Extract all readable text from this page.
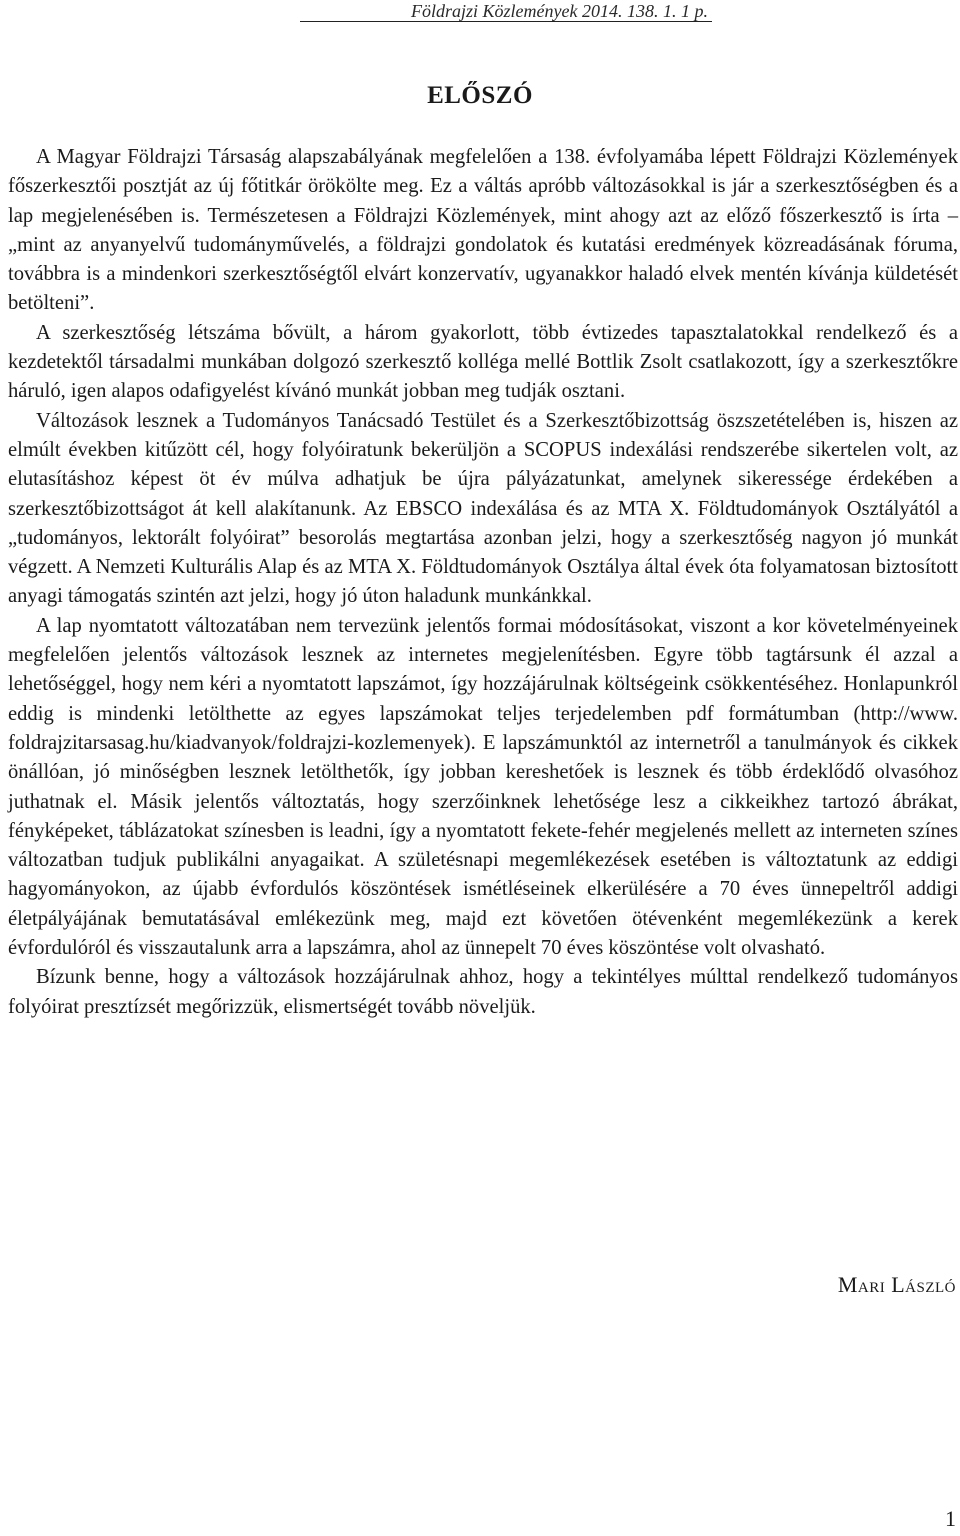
Földrajzi Közlemények 2014. 138. 1. 1 p.
ELŐSZÓ

A Magyar Földrajzi Társaság alapszabályának megfelelően a 138. évfolyamába lépett Földrajzi Közlemények főszerkesztői posztját az új főtitkár örökölte meg. Ez a váltás apróbb változásokkal is jár a szerkesztőségben és a lap megjelenésében is. Természetesen a Földrajzi Közlemények, mint ahogy azt az előző főszerkesztő is írta – „mint az anyanyelvű tudományművelés, a földrajzi gondolatok és kutatási eredmények közreadásának fóruma, továbbra is a mindenkori szerkesztőségtől elvárt konzervatív, ugyanakkor haladó elvek mentén kívánja küldetését betölteni”.

A szerkesztőség létszáma bővült, a három gyakorlott, több évtizedes tapasztalatokkal rendelkező és a kezdetektől társadalmi munkában dolgozó szerkesztő kolléga mellé Bottlik Zsolt csatlakozott, így a szerkesztőkre háruló, igen alapos odafigyelést kívánó munkát jobban meg tudják osztani.

Változások lesznek a Tudományos Tanácsadó Testület és a Szerkesztőbizottság öszszetételében is, hiszen az elmúlt években kitűzött cél, hogy folyóiratunk bekerüljön a SCOPUS indexálási rendszerébe sikertelen volt, az elutasításhoz képest öt év múlva adhatjuk be újra pályázatunkat, amelynek sikeressége érdekében a szerkesztőbizottságot át kell alakítanunk. Az EBSCO indexálása és az MTA X. Földtudományok Osztályától a „tudományos, lektorált folyóirat” besorolás megtartása azonban jelzi, hogy a szerkesztőség nagyon jó munkát végzett. A Nemzeti Kulturális Alap és az MTA X. Földtudományok Osztálya által évek óta folyamatosan biztosított anyagi támogatás szintén azt jelzi, hogy jó úton haladunk munkánkkal.

A lap nyomtatott változatában nem tervezünk jelentős formai módosításokat, viszont a kor követelményeinek megfelelően jelentős változások lesznek az internetes megjelenítésben. Egyre több tagtársunk él azzal a lehetőséggel, hogy nem kéri a nyomtatott lapszámot, így hozzájárulnak költségeink csökkentéséhez. Honlapunkról eddig is mindenki letölthette az egyes lapszámokat teljes terjedelemben pdf formátumban (http://www.​foldrajzitarsasag.hu/kiadvanyok/foldrajzi-kozlemenyek). E lapszámunktól az internetről a tanulmányok és cikkek önállóan, jó minőségben lesznek letölthetők, így jobban kereshetőek is lesznek és több érdeklődő olvasóhoz juthatnak el. Másik jelentős változtatás, hogy szerzőinknek lehetősége lesz a cikkeikhez tartozó ábrákat, fényképeket, táblázatokat színesben is leadni, így a nyomtatott fekete-fehér megjelenés mellett az interneten színes változatban tudjuk publikálni anyagaikat. A születésnapi megemlékezések esetében is változtatunk az eddigi hagyományokon, az újabb évfordulós köszöntések ismétléseinek elkerülésére a 70 éves ünnepeltről addigi életpályájának bemutatásával emlékezünk meg, majd ezt követően ötévenként megemlékezünk a kerek évfordulóról és visszautalunk arra a lapszámra, ahol az ünnepelt 70 éves köszöntése volt olvasható.

Bízunk benne, hogy a változások hozzájárulnak ahhoz, hogy a tekintélyes múlttal rendelkező tudományos folyóirat presztízsét megőrizzük, elismertségét tovább növeljük.

Mari László
1
